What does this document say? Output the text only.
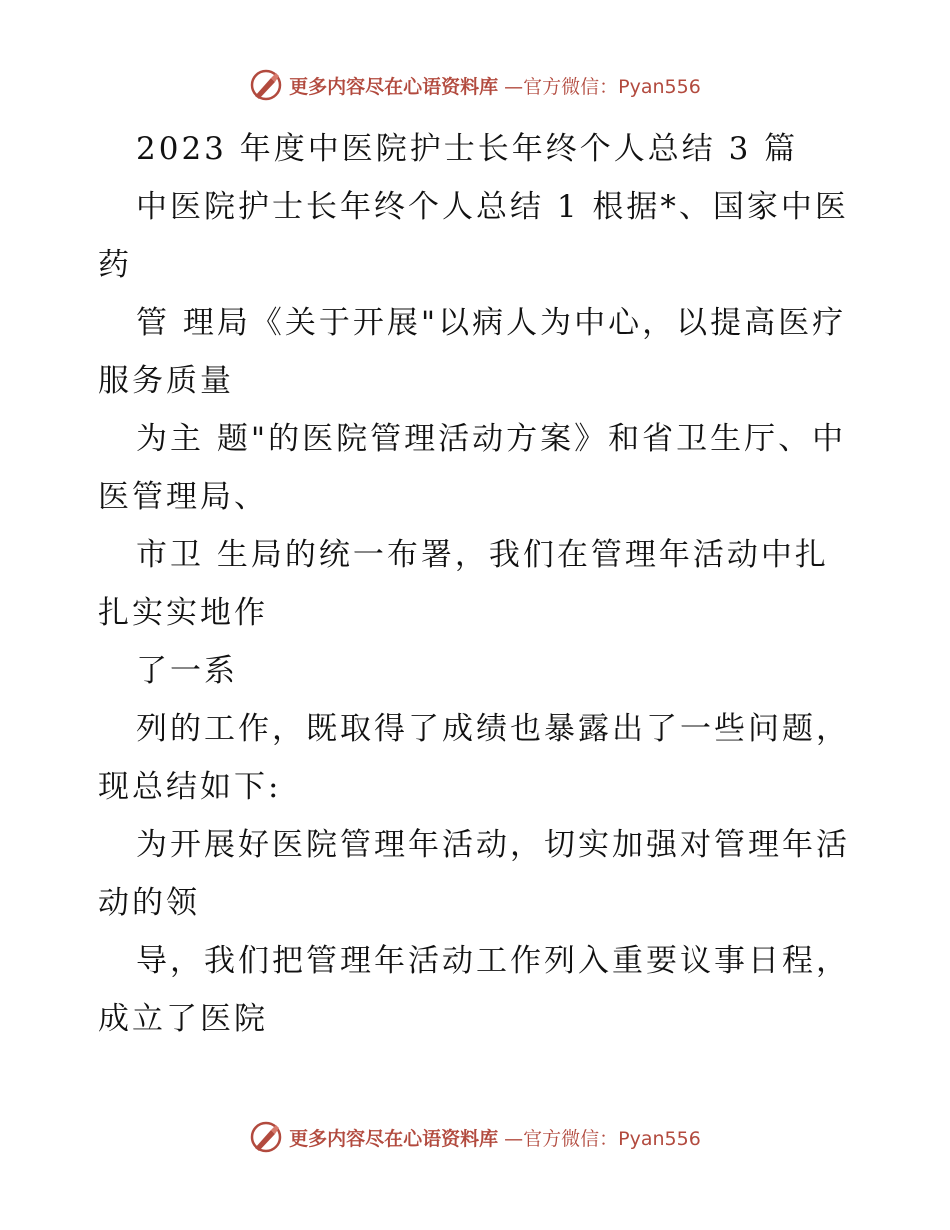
更多内容尽在心语资料库 —官方微信：Pyan556

2023 年度中医院护士长年终个人总结 3 篇

中医院护士长年终个人总结 1 根据*、国家中医药

管 理局《关于开展"以病人为中心，以提高医疗服务质量

为主 题"的医院管理活动方案》和省卫生厅、中医管理局、

市卫 生局的统一布署，我们在管理年活动中扎扎实实地作

了一系

列的工作，既取得了成绩也暴露出了一些问题，现总结如下:

为开展好医院管理年活动，切实加强对管理年活动的领

导，我们把管理年活动工作列入重要议事日程，成立了医院

更多内容尽在心语资料库 —官方微信：Pyan556
